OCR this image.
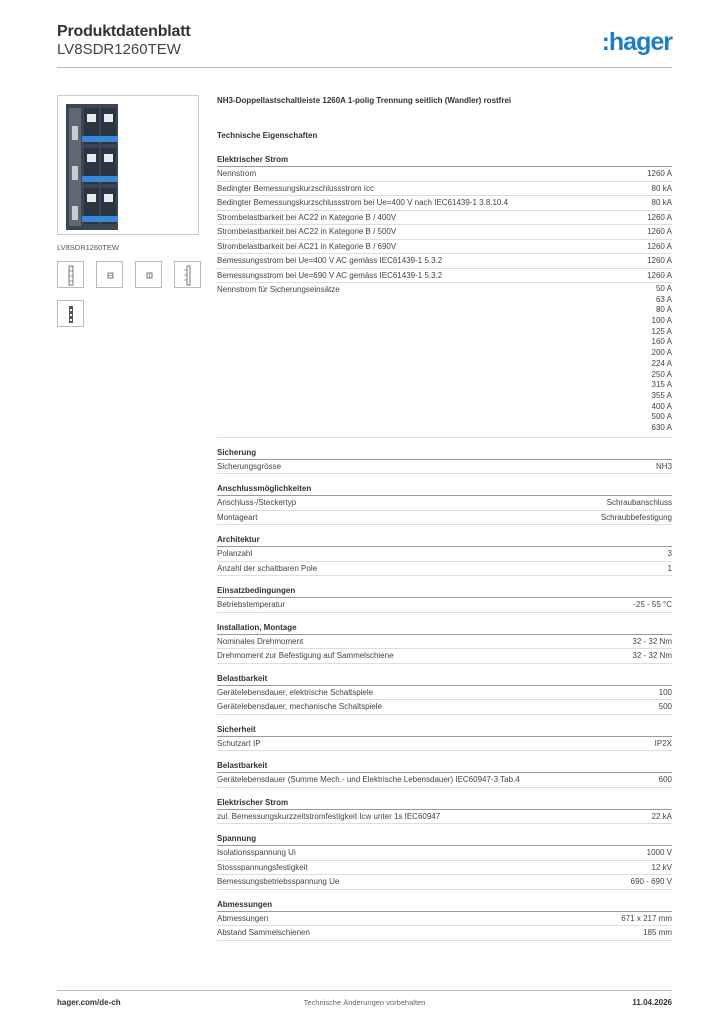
Produktdatenblatt
LV8SDR1260TEW	:hager
LV8SDR1260TEW
NH3-Doppellastschaltleiste 1260A 1-polig Trennung seitlich (Wandler) rostfrei
Technische Eigenschaften
Elektrischer Strom
Nennstrom	1260 A
Bedingter Bemessungskurzschlussstrom Icc	80 kA
Bedingter Bemessungskurzschlussstrom bei Ue=400 V nach IEC61439-1 3.8.10.4	80 kA
Strombelastbarkeit bei AC22 in Kategorie B / 400V	1260 A
Strombelastbarkeit bei AC22 in Kategorie B / 500V	1260 A
Strombelastbarkeit bei AC21 in Kategorie B / 690V	1260 A
Bemessungsstrom bei Ue=400 V AC gemäss IEC61439-1 5.3.2	1260 A
Bemessungsstrom bei Ue=690 V AC gemäss IEC61439-1 5.3.2	1260 A
Nennstrom für Sicherungseinsätze	50 A
63 A
80 A
100 A
125 A
160 A
200 A
224 A
250 A
315 A
355 A
400 A
500 A
630 A
Sicherung
Sicherungsgrösse	NH3
Anschlussmöglichkeiten
Anschluss-/Steckertyp	Schraubanschluss
Montageart	Schraubbefestigung
Architektur
Polanzahl	3
Anzahl der schaltbaren Pole	1
Einsatzbedingungen
Betriebstemperatur	-25 - 55 °C
Installation, Montage
Nominales Drehmoment	32 - 32 Nm
Drehmoment zur Befestigung auf Sammelschiene	32 - 32 Nm
Belastbarkeit
Gerätelebensdauer, elektrische Schaltspiele	100
Gerätelebensdauer, mechanische Schaltspiele	500
Sicherheit
Schutzart IP	IP2X
Belastbarkeit
Gerätelebensdauer (Summe Mech.- und Elektrische Lebensdauer) IEC60947-3 Tab.4	600
Elektrischer Strom
zul. Bemessungskurzzeitstromfestigkeit Icw unter 1s IEC60947	22 kA
Spannung
Isolationsspannung Ui	1000 V
Stossspannungsfestigkeit	12 kV
Bemessungsbetriebsspannung Ue	690 - 690 V
Abmessungen
Abmessungen	671 x 217 mm
Abstand Sammelschienen	185 mm
hager.com/de-ch	Technische Änderungen vorbehalten	11.04.2026
